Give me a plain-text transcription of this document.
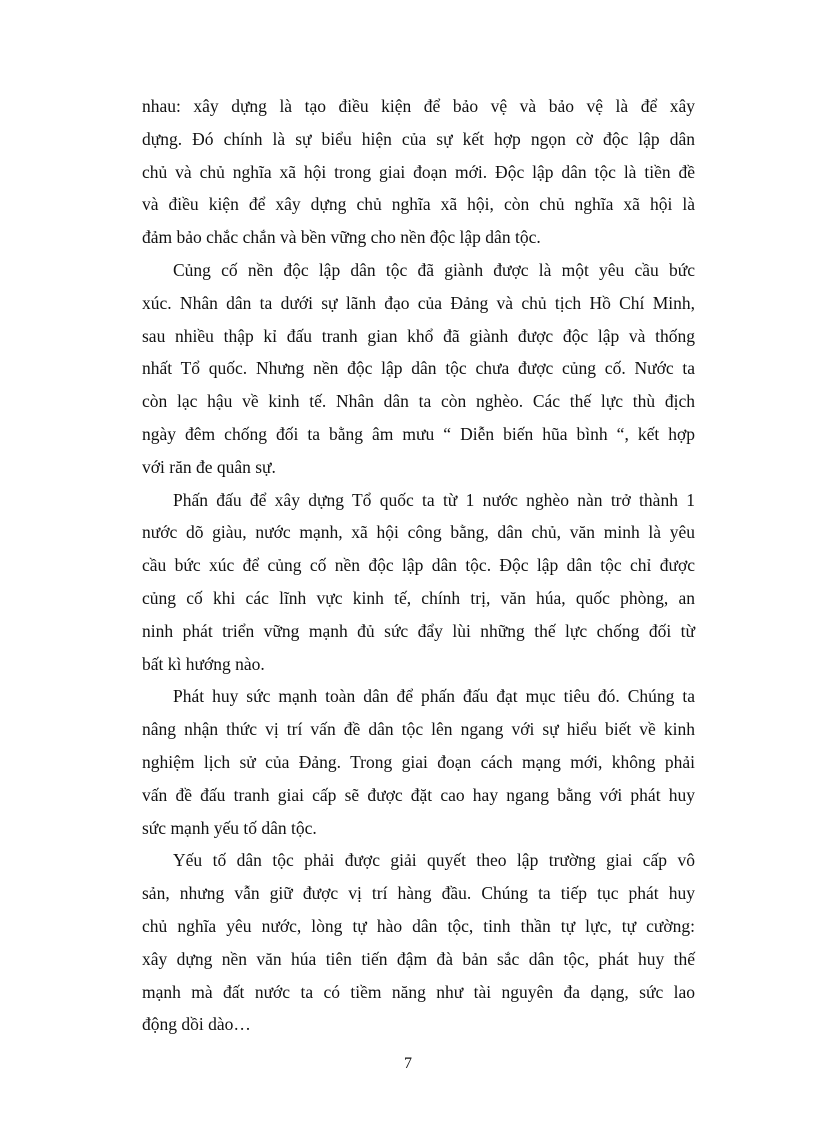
nhau: xây dựng là tạo điều kiện để bảo vệ và bảo vệ là để xây
dựng. Đó chính là sự biểu hiện của sự kết hợp ngọn cờ độc lập dân
chủ và chủ nghĩa xã hội trong giai đoạn mới. Độc lập dân tộc là tiền đề
và điều kiện để xây dựng chủ nghĩa xã hội, còn chủ nghĩa xã hội là
đảm bảo chắc chắn và bền vững cho nền độc lập dân tộc.
Củng cố nền độc lập dân tộc đã giành được là một yêu cầu bức
xúc. Nhân dân ta dưới sự lãnh đạo của Đảng và chủ tịch Hồ Chí Minh,
sau nhiều thập kỉ đấu tranh gian khổ đã giành được độc lập và thống
nhất Tổ quốc. Nhưng nền độc lập dân tộc chưa được củng cố. Nước ta
còn lạc hậu về kinh tế. Nhân dân ta còn nghèo. Các thế lực thù địch
ngày đêm chống đối ta bằng âm mưu “ Diễn biến hũa bình “, kết hợp
với răn đe quân sự.
Phấn đấu để xây dựng Tổ quốc ta từ 1 nước nghèo nàn trở thành 1
nước dõ giàu, nước mạnh, xã hội công bằng, dân chủ, văn minh là yêu
cầu bức xúc để củng cố nền độc lập dân tộc. Độc lập dân tộc chỉ được
củng cố khi các lĩnh vực kinh tế, chính trị, văn húa, quốc phòng, an
ninh phát triển vững mạnh đủ sức đẩy lùi những thế lực chống đối từ
bất kì hướng nào.
Phát huy sức mạnh toàn dân để phấn đấu đạt mục tiêu đó. Chúng ta
nâng nhận thức vị trí vấn đề dân tộc lên ngang với sự hiểu biết về kinh
nghiệm lịch sử của Đảng. Trong giai đoạn cách mạng mới, không phải
vấn đề đấu tranh giai cấp sẽ được đặt cao hay ngang bằng với phát huy
sức mạnh yếu tố dân tộc.
Yếu tố dân tộc phải được giải quyết theo lập trường giai cấp vô
sản, nhưng vẫn giữ được vị trí hàng đầu. Chúng ta tiếp tục phát huy
chủ nghĩa yêu nước, lòng tự hào dân tộc, tinh thần tự lực, tự cường:
xây dựng nền văn húa tiên tiến đậm đà bản sắc dân tộc, phát huy thế
mạnh mà đất nước ta có tiềm năng như tài nguyên đa dạng, sức lao
động dồi dào…
7
